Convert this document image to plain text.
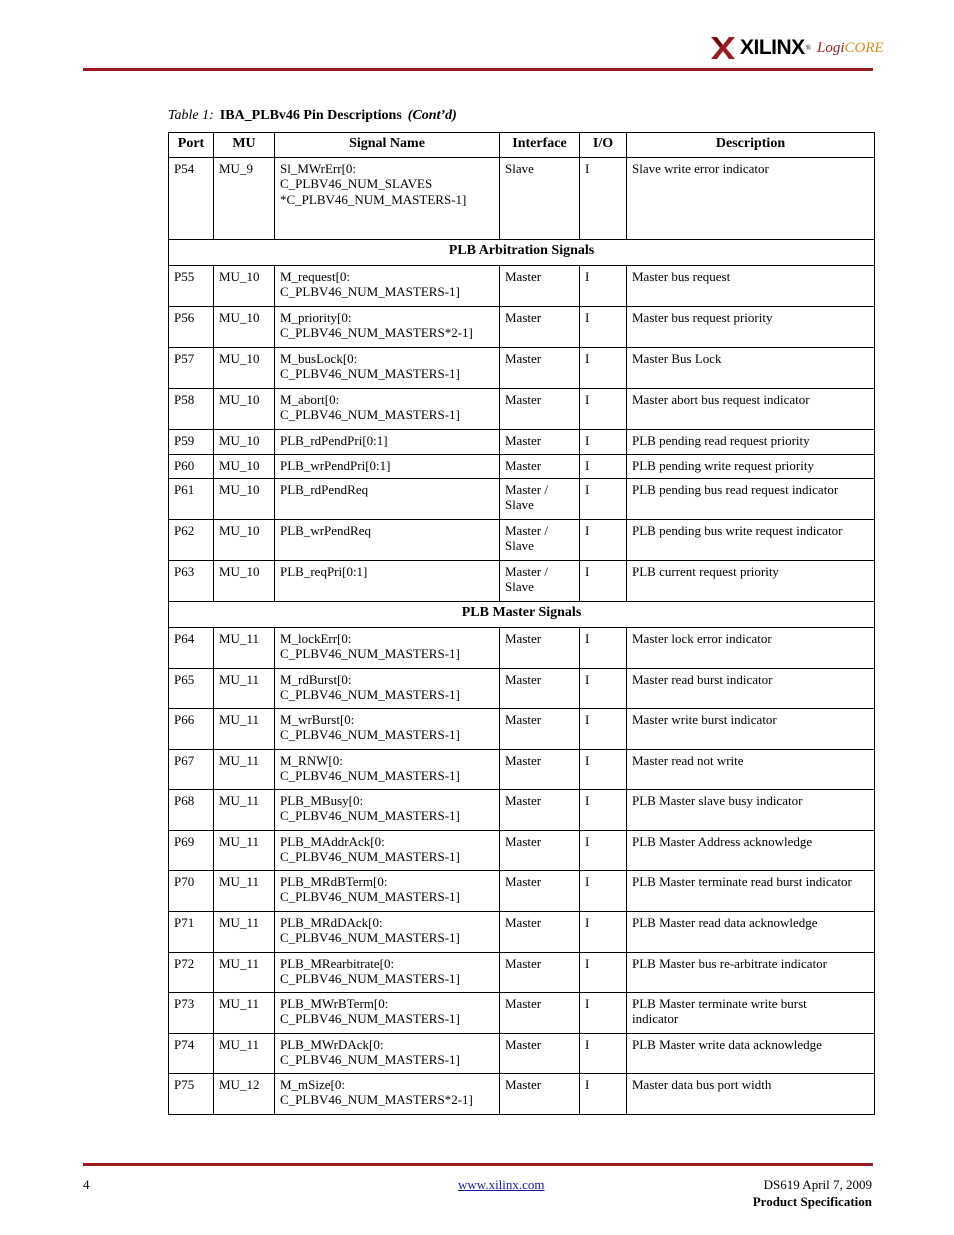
XILINX ® LogiCORE
Table 1: IBA_PLBv46 Pin Descriptions (Cont’d)
Port	MU	Signal Name	Interface	I/O	Description
P54	MU_9	Sl_MWrErr[0:
C_PLBV46_NUM_SLAVES
*C_PLBV46_NUM_MASTERS-1]	Slave	I	Slave write error indicator
PLB Arbitration Signals					
P55	MU_10	M_request[0:
C_PLBV46_NUM_MASTERS-1]	Master	I	Master bus request
P56	MU_10	M_priority[0:
C_PLBV46_NUM_MASTERS*2-1]	Master	I	Master bus request priority
P57	MU_10	M_busLock[0:
C_PLBV46_NUM_MASTERS-1]	Master	I	Master Bus Lock
P58	MU_10	M_abort[0:
C_PLBV46_NUM_MASTERS-1]	Master	I	Master abort bus request indicator
P59	MU_10	PLB_rdPendPri[0:1]	Master	I	PLB pending read request priority
P60	MU_10	PLB_wrPendPri[0:1]	Master	I	PLB pending write request priority
P61	MU_10	PLB_rdPendReq	Master /
Slave	I	PLB pending bus read request indicator
P62	MU_10	PLB_wrPendReq	Master /
Slave	I	PLB pending bus write request indicator
P63	MU_10	PLB_reqPri[0:1]	Master /
Slave	I	PLB current request priority
PLB Master Signals					
P64	MU_11	M_lockErr[0:
C_PLBV46_NUM_MASTERS-1]	Master	I	Master lock error indicator
P65	MU_11	M_rdBurst[0:
C_PLBV46_NUM_MASTERS-1]	Master	I	Master read burst indicator
P66	MU_11	M_wrBurst[0:
C_PLBV46_NUM_MASTERS-1]	Master	I	Master write burst indicator
P67	MU_11	M_RNW[0:
C_PLBV46_NUM_MASTERS-1]	Master	I	Master read not write
P68	MU_11	PLB_MBusy[0:
C_PLBV46_NUM_MASTERS-1]	Master	I	PLB Master slave busy indicator
P69	MU_11	PLB_MAddrAck[0:
C_PLBV46_NUM_MASTERS-1]	Master	I	PLB Master Address acknowledge
P70	MU_11	PLB_MRdBTerm[0:
C_PLBV46_NUM_MASTERS-1]	Master	I	PLB Master terminate read burst indicator
P71	MU_11	PLB_MRdDAck[0:
C_PLBV46_NUM_MASTERS-1]	Master	I	PLB Master read data acknowledge
P72	MU_11	PLB_MRearbitrate[0:
C_PLBV46_NUM_MASTERS-1]	Master	I	PLB Master bus re-arbitrate indicator
P73	MU_11	PLB_MWrBTerm[0:
C_PLBV46_NUM_MASTERS-1]	Master	I	PLB Master terminate write burst
indicator
P74	MU_11	PLB_MWrDAck[0:
C_PLBV46_NUM_MASTERS-1]	Master	I	PLB Master write data acknowledge
P75	MU_12	M_mSize[0:
C_PLBV46_NUM_MASTERS*2-1]	Master	I	Master data bus port width
4	www.xilinx.com	DS619 April 7, 2009
Product Specification
